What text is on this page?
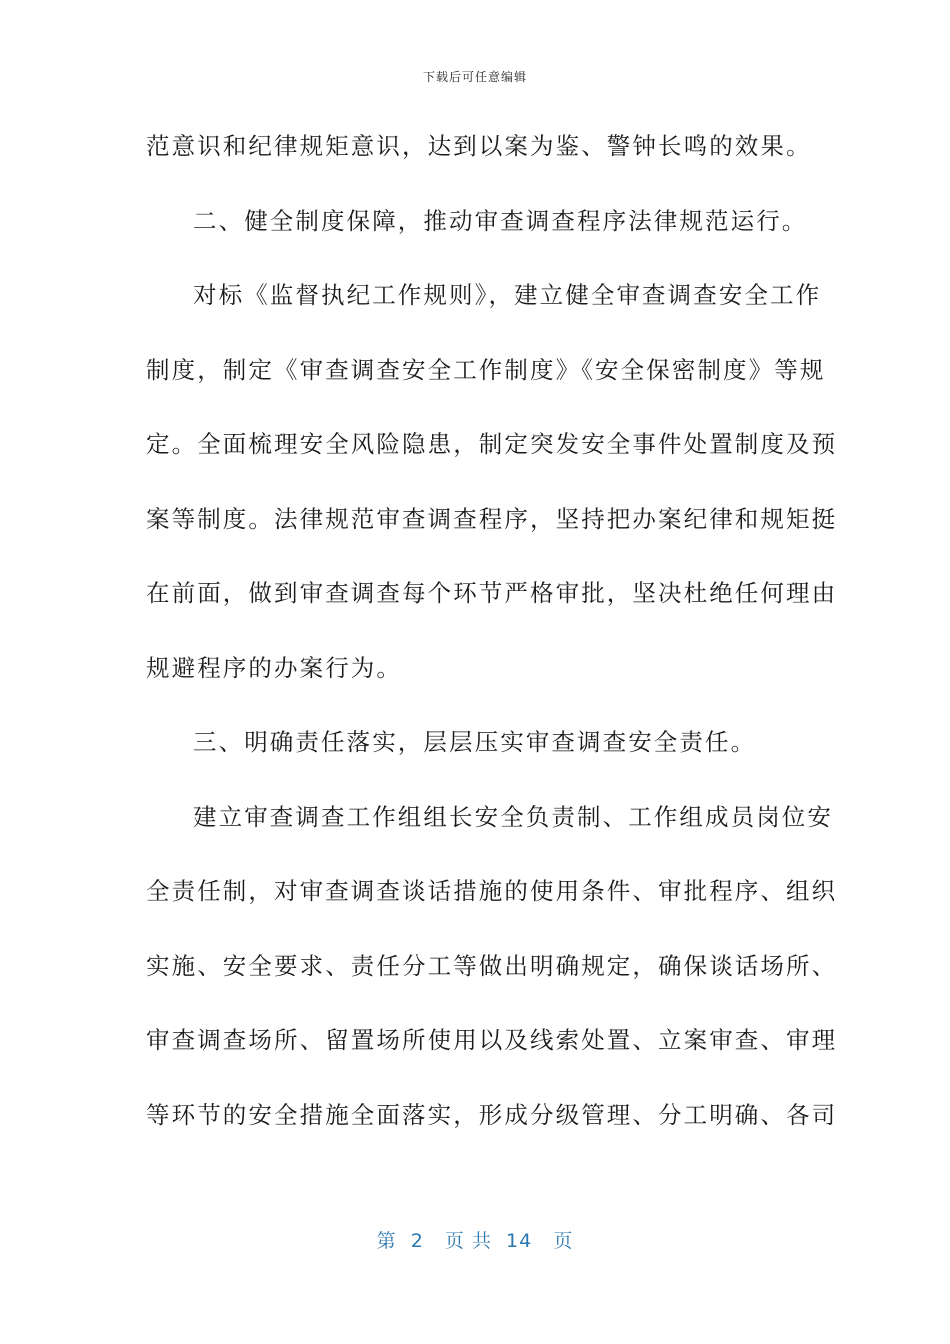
下载后可任意编辑
范意识和纪律规矩意识，达到以案为鉴、警钟长鸣的效果。
二、健全制度保障，推动审查调查程序法律规范运行。
对标《监督执纪工作规则》，建立健全审查调查安全工作
制度，制定《审查调查安全工作制度》《安全保密制度》等规
定。全面梳理安全风险隐患，制定突发安全事件处置制度及预
案等制度。法律规范审查调查程序，坚持把办案纪律和规矩挺
在前面，做到审查调查每个环节严格审批，坚决杜绝任何理由
规避程序的办案行为。
三、明确责任落实，层层压实审查调查安全责任。
建立审查调查工作组组长安全负责制、工作组成员岗位安
全责任制，对审查调查谈话措施的使用条件、审批程序、组织
实施、安全要求、责任分工等做出明确规定，确保谈话场所、
审查调查场所、留置场所使用以及线索处置、立案审查、审理
等环节的安全措施全面落实，形成分级管理、分工明确、各司
第  2   页 共  14   页
